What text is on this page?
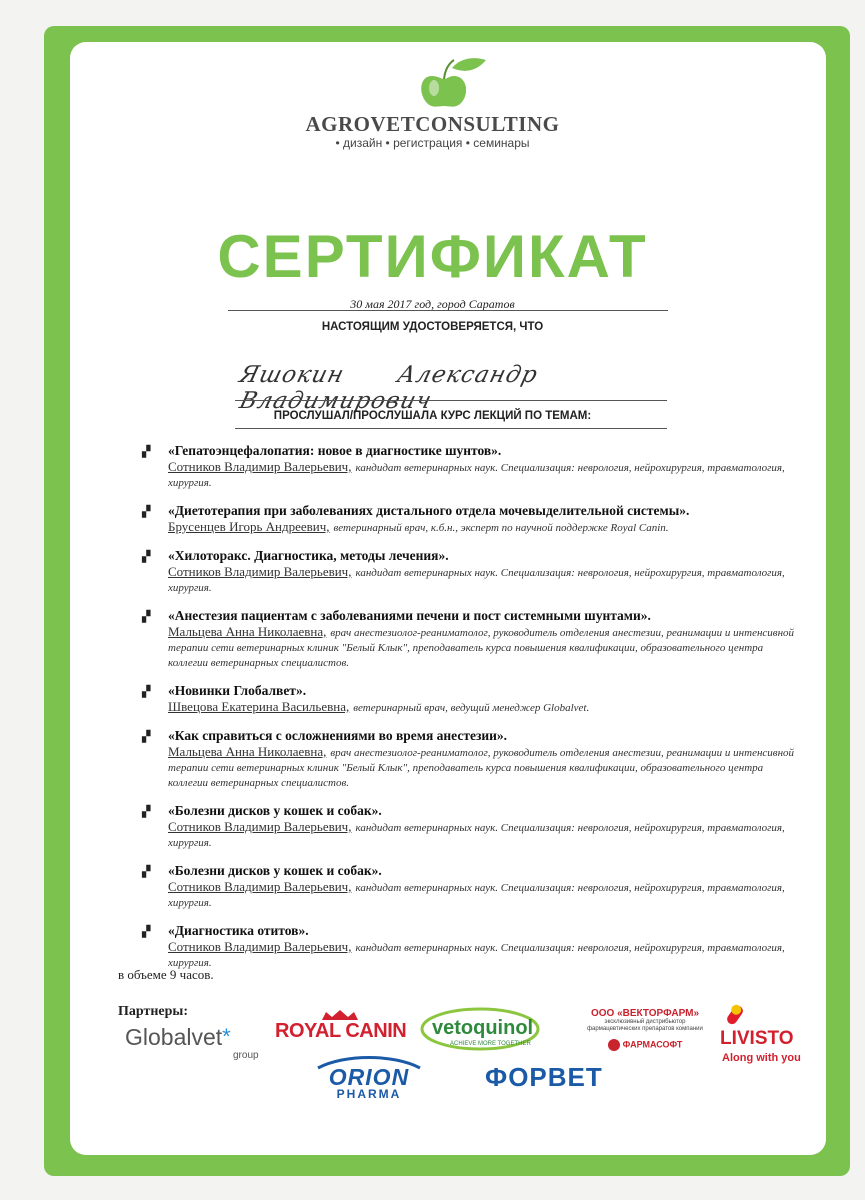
AGROVETCONSULTING
• дизайн • регистрация • семинары
СЕРТИФИКАТ
30 мая 2017 год, город Саратов
НАСТОЯЩИМ УДОСТОВЕРЯЕТСЯ, ЧТО
Яшокин Александр Владимирович
ПРОСЛУШАЛ/ПРОСЛУШАЛА КУРС ЛЕКЦИЙ ПО ТЕМАМ:
▞ «Гепатоэнцефалопатия: новое в диагностике шунтов».
Сотников Владимир Валерьевич, кандидат ветеринарных наук. Специализация: неврология, нейрохирургия, травматология, хирургия.
▞ «Диетотерапия при заболеваниях дистального отдела мочевыделительной системы».
Брусенцев Игорь Андреевич, ветеринарный врач, к.б.н., эксперт по научной поддержке Royal Canin.
▞ «Хилоторакс. Диагностика, методы лечения».
Сотников Владимир Валерьевич, кандидат ветеринарных наук. Специализация: неврология, нейрохирургия, травматология, хирургия.
▞ «Анестезия пациентам с заболеваниями печени и пост системными шунтами».
Мальцева Анна Николаевна, врач анестезиолог-реаниматолог, руководитель отделения анестезии, реанимации и интенсивной терапии сети ветеринарных клиник "Белый Клык", преподаватель курса повышения квалификации, образовательного центра коллегии ветеринарных специалистов.
▞ «Новинки Глобалвет».
Швецова Екатерина Васильевна, ветеринарный врач, ведущий менеджер Globalvet.
▞ «Как справиться с осложнениями во время анестезии».
Мальцева Анна Николаевна, врач анестезиолог-реаниматолог, руководитель отделения анестезии, реанимации и интенсивной терапии сети ветеринарных клиник "Белый Клык", преподаватель курса повышения квалификации, образовательного центра коллегии ветеринарных специалистов.
▞ «Болезни дисков у кошек и собак».
Сотников Владимир Валерьевич, кандидат ветеринарных наук. Специализация: неврология, нейрохирургия, травматология, хирургия.
▞ «Болезни дисков у кошек и собак».
Сотников Владимир Валерьевич, кандидат ветеринарных наук. Специализация: неврология, нейрохирургия, травматология, хирургия.
▞ «Диагностика отитов».
Сотников Владимир Валерьевич, кандидат ветеринарных наук. Специализация: неврология, нейрохирургия, травматология, хирургия.
в объеме 9 часов.
Партнеры:
Globalvet*
group
ROYAL CANIN vetoquinol
ACHIEVE MORE TOGETHER
ООО «ВЕКТОРФАРМ»
эксклюзивный дистрибьютор фармацевтических препаратов компании
ФАРМАСОФТ	LIVISTO
Along with you
ORION
PHARMA
ФОРВЕТ
